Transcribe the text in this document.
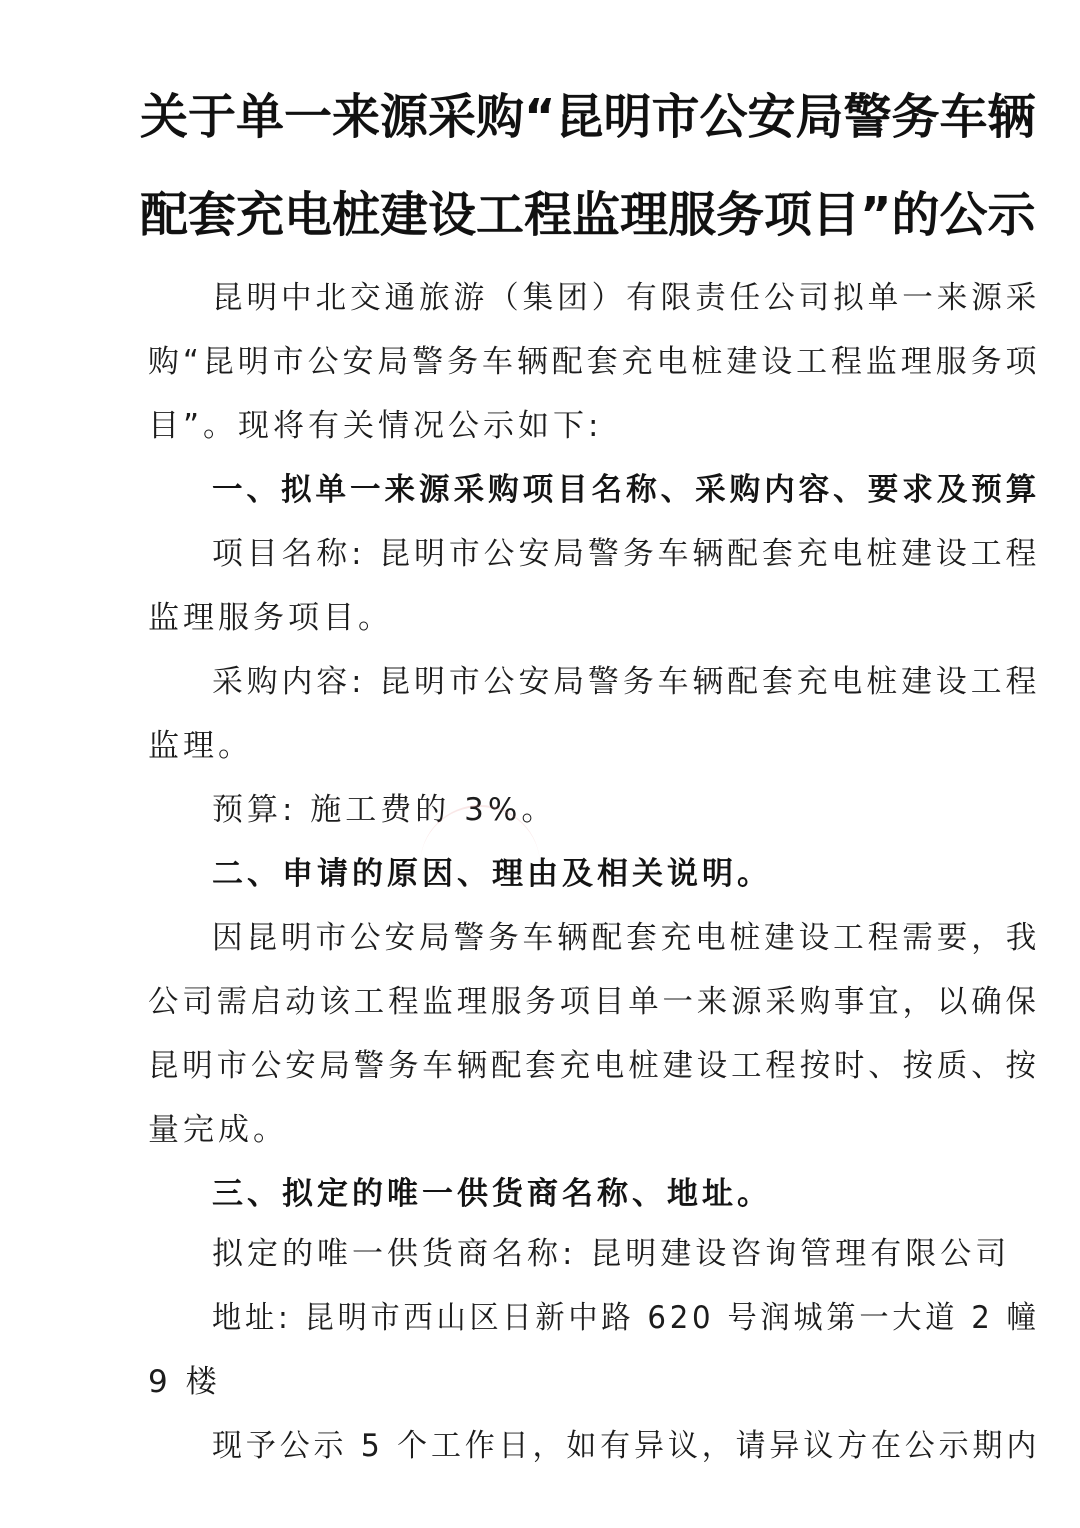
关于单一来源采购“昆明市公安局警务车辆
配套充电桩建设工程监理服务项目”的公示
昆明中北交通旅游（集团）有限责任公司拟单一来源采
购“昆明市公安局警务车辆配套充电桩建设工程监理服务项
目”。现将有关情况公示如下:
一、拟单一来源采购项目名称、采购内容、要求及预算
项目名称: 昆明市公安局警务车辆配套充电桩建设工程
监理服务项目。
采购内容: 昆明市公安局警务车辆配套充电桩建设工程
监理。
预算: 施工费的 3%。
二、申请的原因、理由及相关说明。
因昆明市公安局警务车辆配套充电桩建设工程需要，我
公司需启动该工程监理服务项目单一来源采购事宜，以确保
昆明市公安局警务车辆配套充电桩建设工程按时、按质、按
量完成。
三、拟定的唯一供货商名称、地址。
拟定的唯一供货商名称: 昆明建设咨询管理有限公司
地址: 昆明市西山区日新中路 620 号润城第一大道 2 幢
9 楼
现予公示 5 个工作日，如有异议，请异议方在公示期内
